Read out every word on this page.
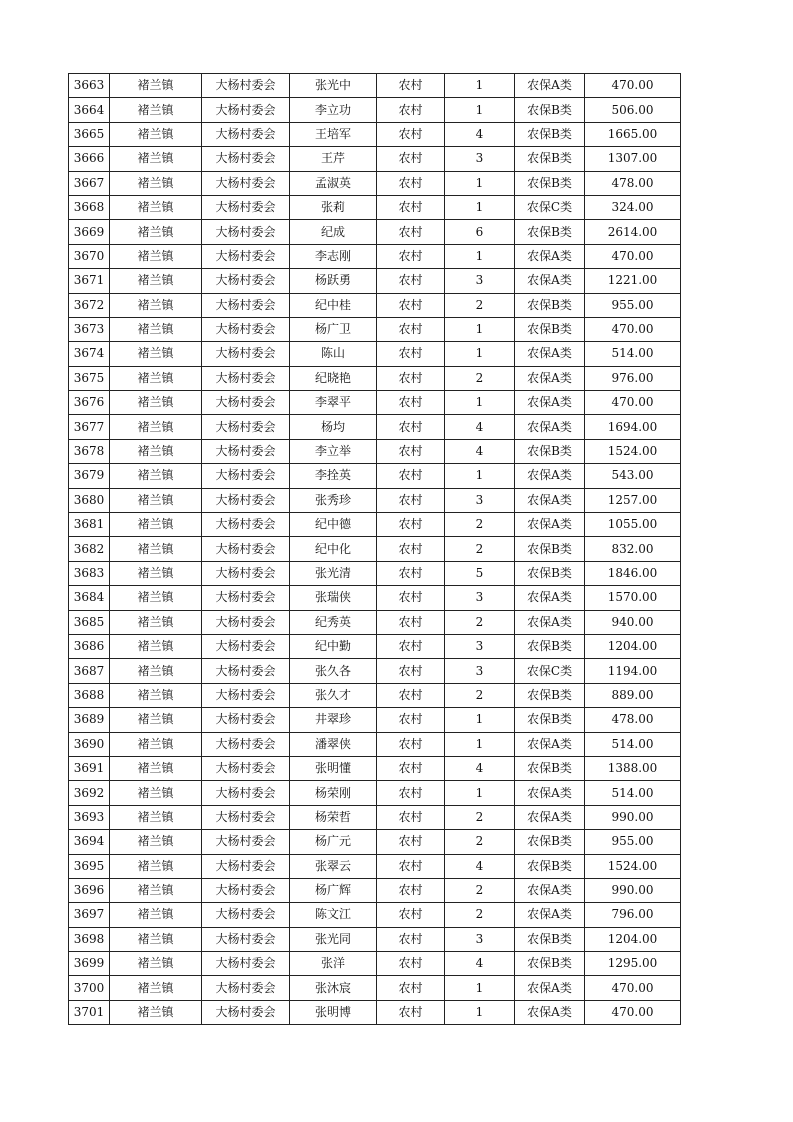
3663	褚兰镇	大杨村委会	张光中	农村	1	农保A类	470.00
3664	褚兰镇	大杨村委会	李立功	农村	1	农保B类	506.00
3665	褚兰镇	大杨村委会	王培军	农村	4	农保B类	1665.00
3666	褚兰镇	大杨村委会	王芹	农村	3	农保B类	1307.00
3667	褚兰镇	大杨村委会	孟淑英	农村	1	农保B类	478.00
3668	褚兰镇	大杨村委会	张莉	农村	1	农保C类	324.00
3669	褚兰镇	大杨村委会	纪成	农村	6	农保B类	2614.00
3670	褚兰镇	大杨村委会	李志刚	农村	1	农保A类	470.00
3671	褚兰镇	大杨村委会	杨跃勇	农村	3	农保A类	1221.00
3672	褚兰镇	大杨村委会	纪中桂	农村	2	农保B类	955.00
3673	褚兰镇	大杨村委会	杨广卫	农村	1	农保B类	470.00
3674	褚兰镇	大杨村委会	陈山	农村	1	农保A类	514.00
3675	褚兰镇	大杨村委会	纪晓艳	农村	2	农保A类	976.00
3676	褚兰镇	大杨村委会	李翠平	农村	1	农保A类	470.00
3677	褚兰镇	大杨村委会	杨均	农村	4	农保A类	1694.00
3678	褚兰镇	大杨村委会	李立举	农村	4	农保B类	1524.00
3679	褚兰镇	大杨村委会	李拴英	农村	1	农保A类	543.00
3680	褚兰镇	大杨村委会	张秀珍	农村	3	农保A类	1257.00
3681	褚兰镇	大杨村委会	纪中德	农村	2	农保A类	1055.00
3682	褚兰镇	大杨村委会	纪中化	农村	2	农保B类	832.00
3683	褚兰镇	大杨村委会	张光清	农村	5	农保B类	1846.00
3684	褚兰镇	大杨村委会	张瑞侠	农村	3	农保A类	1570.00
3685	褚兰镇	大杨村委会	纪秀英	农村	2	农保A类	940.00
3686	褚兰镇	大杨村委会	纪中勤	农村	3	农保B类	1204.00
3687	褚兰镇	大杨村委会	张久各	农村	3	农保C类	1194.00
3688	褚兰镇	大杨村委会	张久才	农村	2	农保B类	889.00
3689	褚兰镇	大杨村委会	井翠珍	农村	1	农保B类	478.00
3690	褚兰镇	大杨村委会	潘翠侠	农村	1	农保A类	514.00
3691	褚兰镇	大杨村委会	张明懂	农村	4	农保B类	1388.00
3692	褚兰镇	大杨村委会	杨荣刚	农村	1	农保A类	514.00
3693	褚兰镇	大杨村委会	杨荣哲	农村	2	农保A类	990.00
3694	褚兰镇	大杨村委会	杨广元	农村	2	农保B类	955.00
3695	褚兰镇	大杨村委会	张翠云	农村	4	农保B类	1524.00
3696	褚兰镇	大杨村委会	杨广辉	农村	2	农保A类	990.00
3697	褚兰镇	大杨村委会	陈文江	农村	2	农保A类	796.00
3698	褚兰镇	大杨村委会	张光同	农村	3	农保B类	1204.00
3699	褚兰镇	大杨村委会	张洋	农村	4	农保B类	1295.00
3700	褚兰镇	大杨村委会	张沐宸	农村	1	农保A类	470.00
3701	褚兰镇	大杨村委会	张明博	农村	1	农保A类	470.00
